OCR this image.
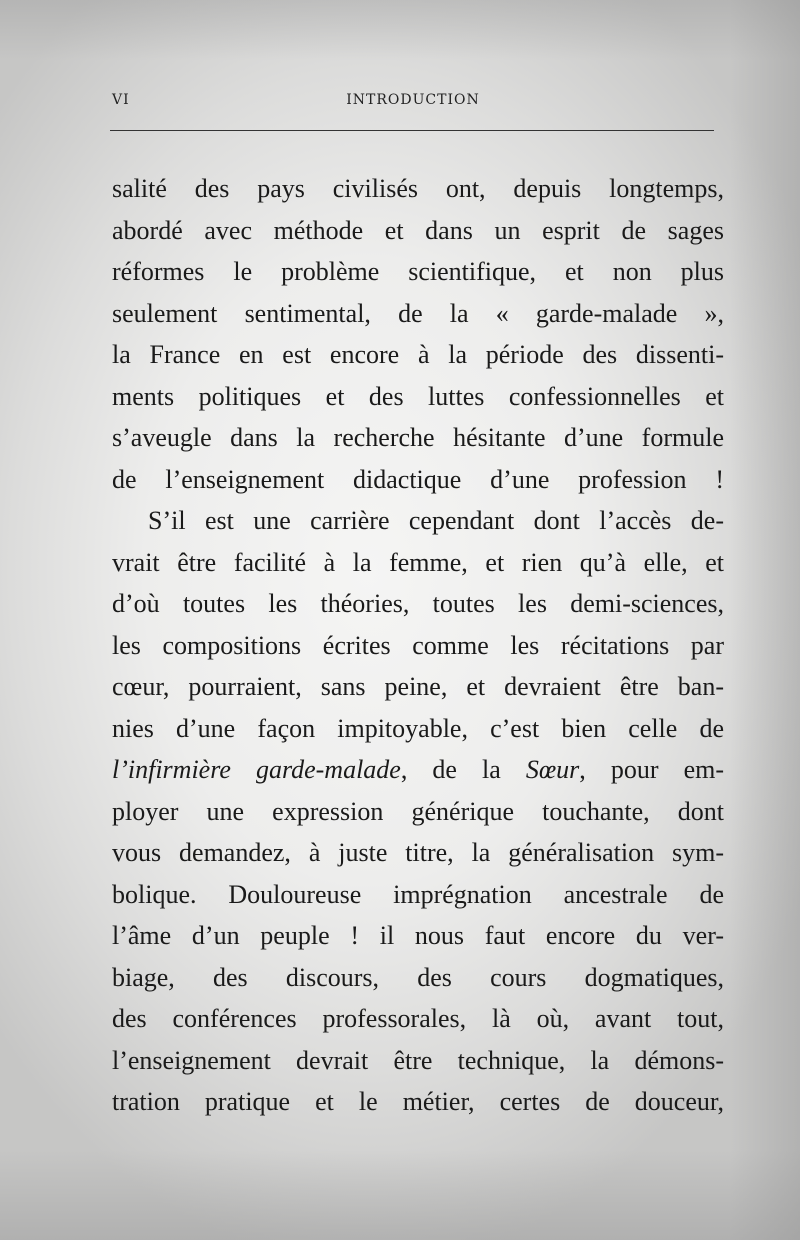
VI	INTRODUCTION
salité des pays civilisés ont, depuis longtemps,
abordé avec méthode et dans un esprit de sages
réformes le problème scientifique, et non plus
seulement sentimental, de la « garde-malade »,
la France en est encore à la période des dissenti-
ments politiques et des luttes confessionnelles et
s’aveugle dans la recherche hésitante d’une formule
de l’enseignement didactique d’une profession !
S’il est une carrière cependant dont l’accès de-
vrait être facilité à la femme, et rien qu’à elle, et
d’où toutes les théories, toutes les demi-sciences,
les compositions écrites comme les récitations par
cœur, pourraient, sans peine, et devraient être ban-
nies d’une façon impitoyable, c’est bien celle de
l’infirmière garde-malade, de la Sœur, pour em-
ployer une expression générique touchante, dont
vous demandez, à juste titre, la généralisation sym-
bolique. Douloureuse imprégnation ancestrale de
l’âme d’un peuple ! il nous faut encore du ver-
biage, des discours, des cours dogmatiques,
des conférences professorales, là où, avant tout,
l’enseignement devrait être technique, la démons-
tration pratique et le métier, certes de douceur,
